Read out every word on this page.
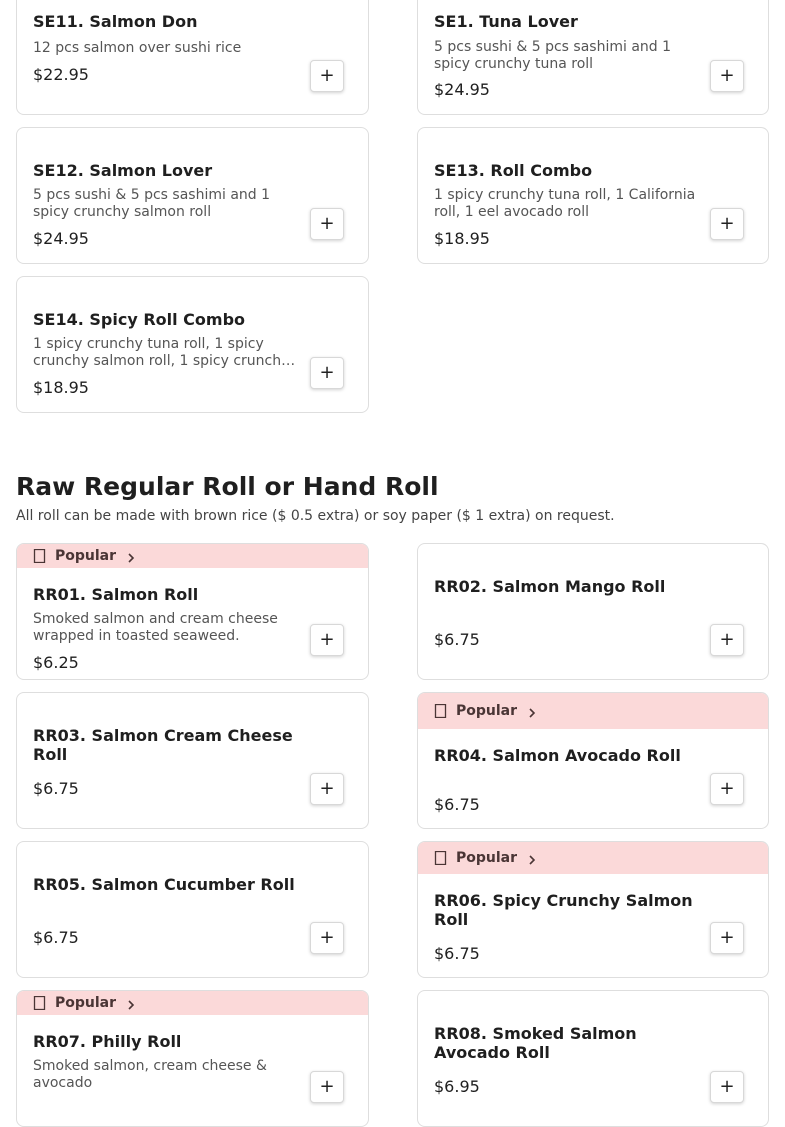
SE11. Salmon Don
12 pcs salmon over sushi rice
$22.95	+
SE1. Tuna Lover
5 pcs sushi & 5 pcs sashimi and 1 spicy crunchy tuna roll
$24.95
+
SE12. Salmon Lover
5 pcs sushi & 5 pcs sashimi and 1 spicy crunchy salmon roll
$24.95
+
SE13. Roll Combo
1 spicy crunchy tuna roll, 1 California roll, 1 eel avocado roll
$18.95
+
SE14. Spicy Roll Combo
1 spicy crunchy tuna roll, 1 spicy crunchy salmon roll, 1 spicy crunch…
$18.95
+
Raw Regular Roll or Hand Roll

All roll can be made with brown rice ($ 0.5 extra) or soy paper ($ 1 extra) on request.

Popular
RR01. Salmon Roll
Smoked salmon and cream cheese wrapped in toasted seaweed.
$6.25
+
RR02. Salmon Mango Roll
$6.75	+
RR03. Salmon Cream Cheese Roll
$6.75	+
Popular
RR04. Salmon Avocado Roll
$6.75
+
RR05. Salmon Cucumber Roll
$6.75	+
Popular
RR06. Spicy Crunchy Salmon Roll
$6.75
+
Popular
RR07. Philly Roll
Smoked salmon, cream cheese & avocado	+
RR08. Smoked Salmon Avocado Roll
$6.95	+
